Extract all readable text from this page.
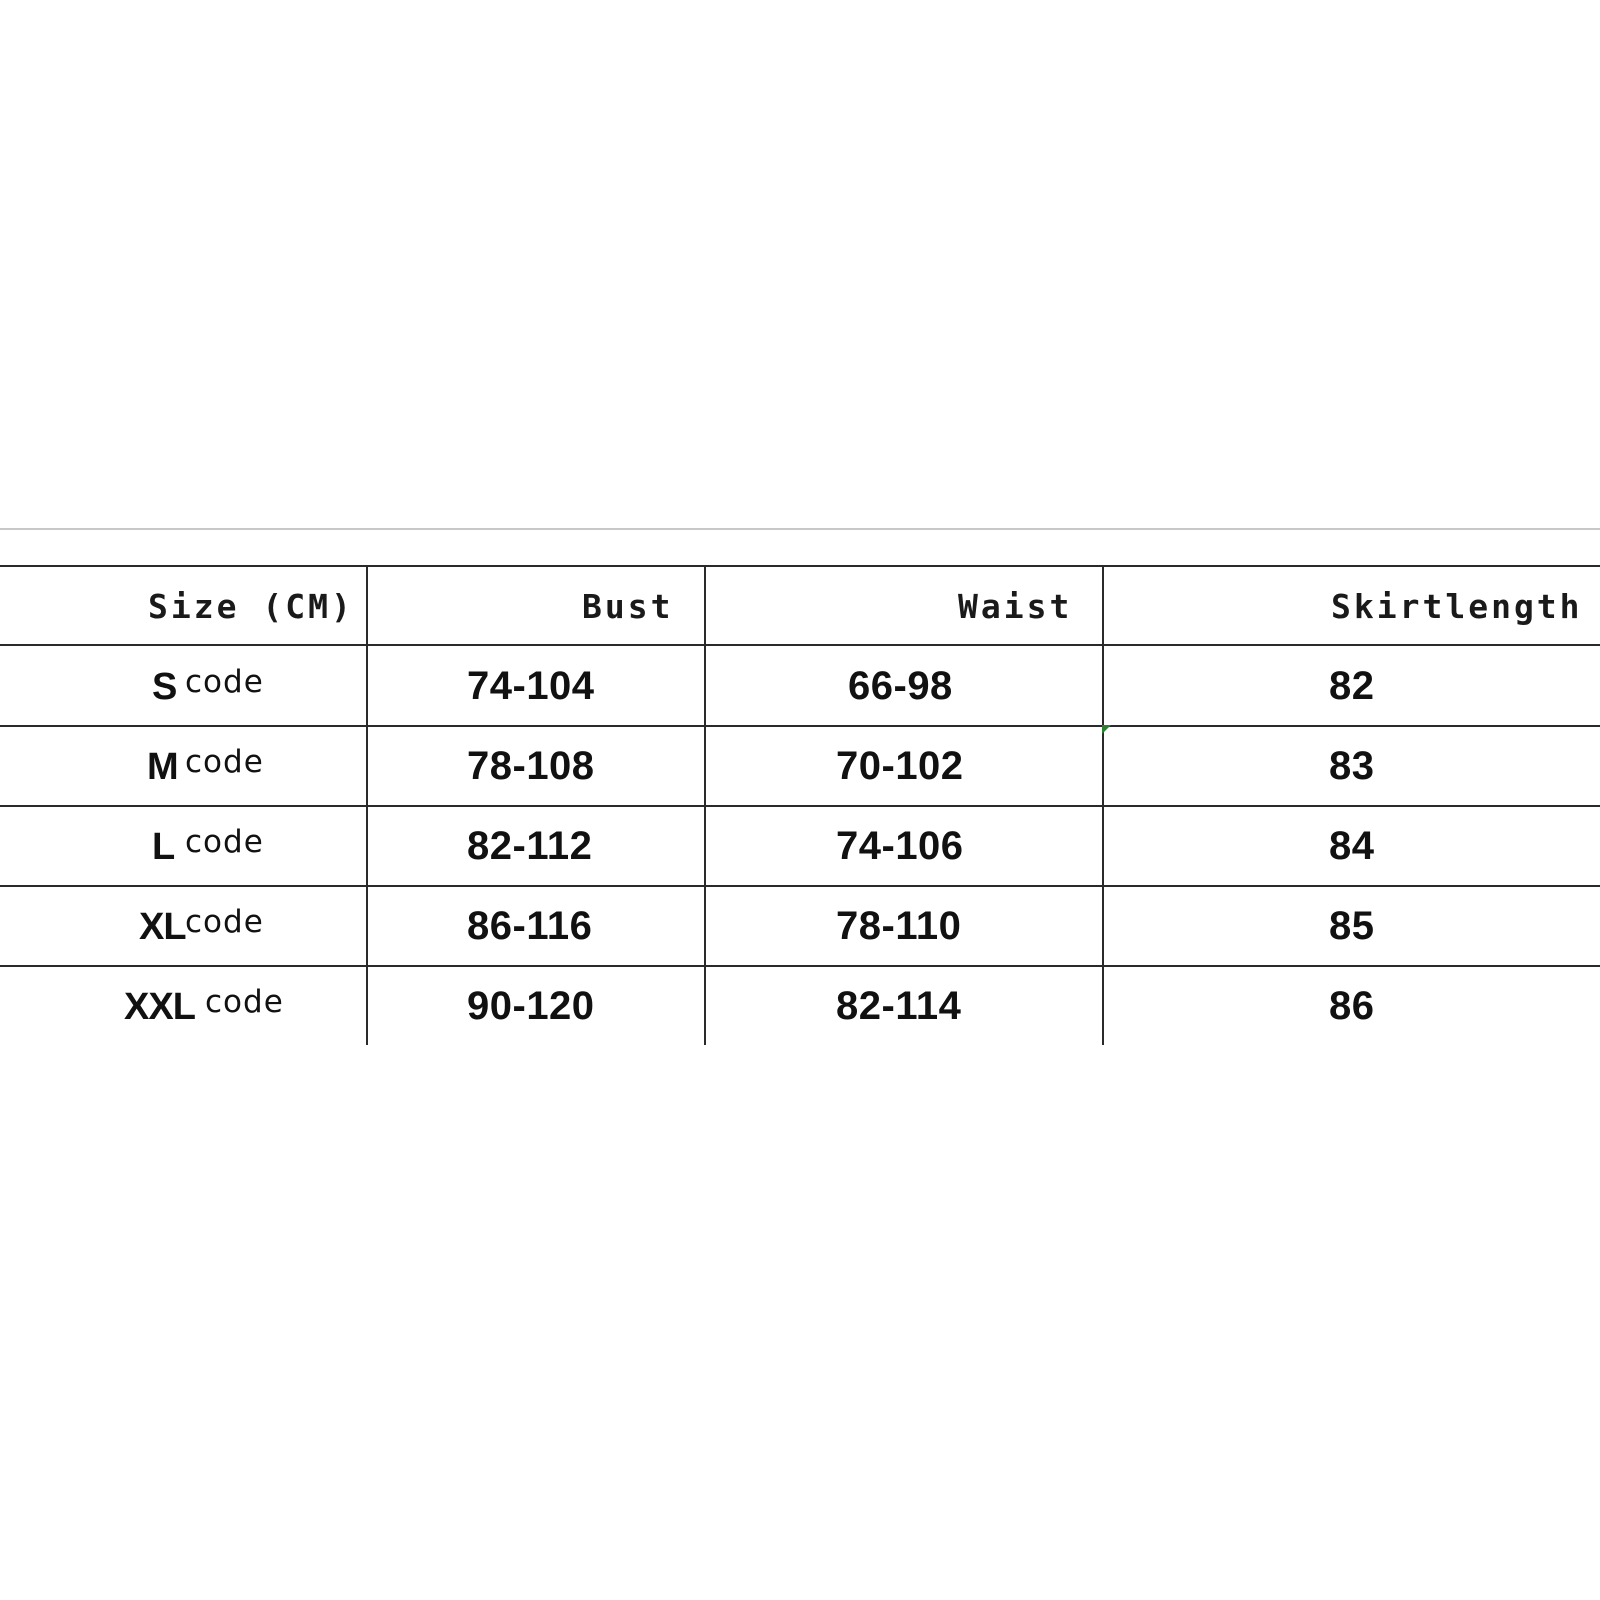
Size (CM)	Bust	Waist	Skirtlength
S code	74-104	66-98	82
M code	78-108	70-102	83
L code	82-112	74-106	84
XL code	86-116	78-110	85
XXL code	90-120	82-114	86
